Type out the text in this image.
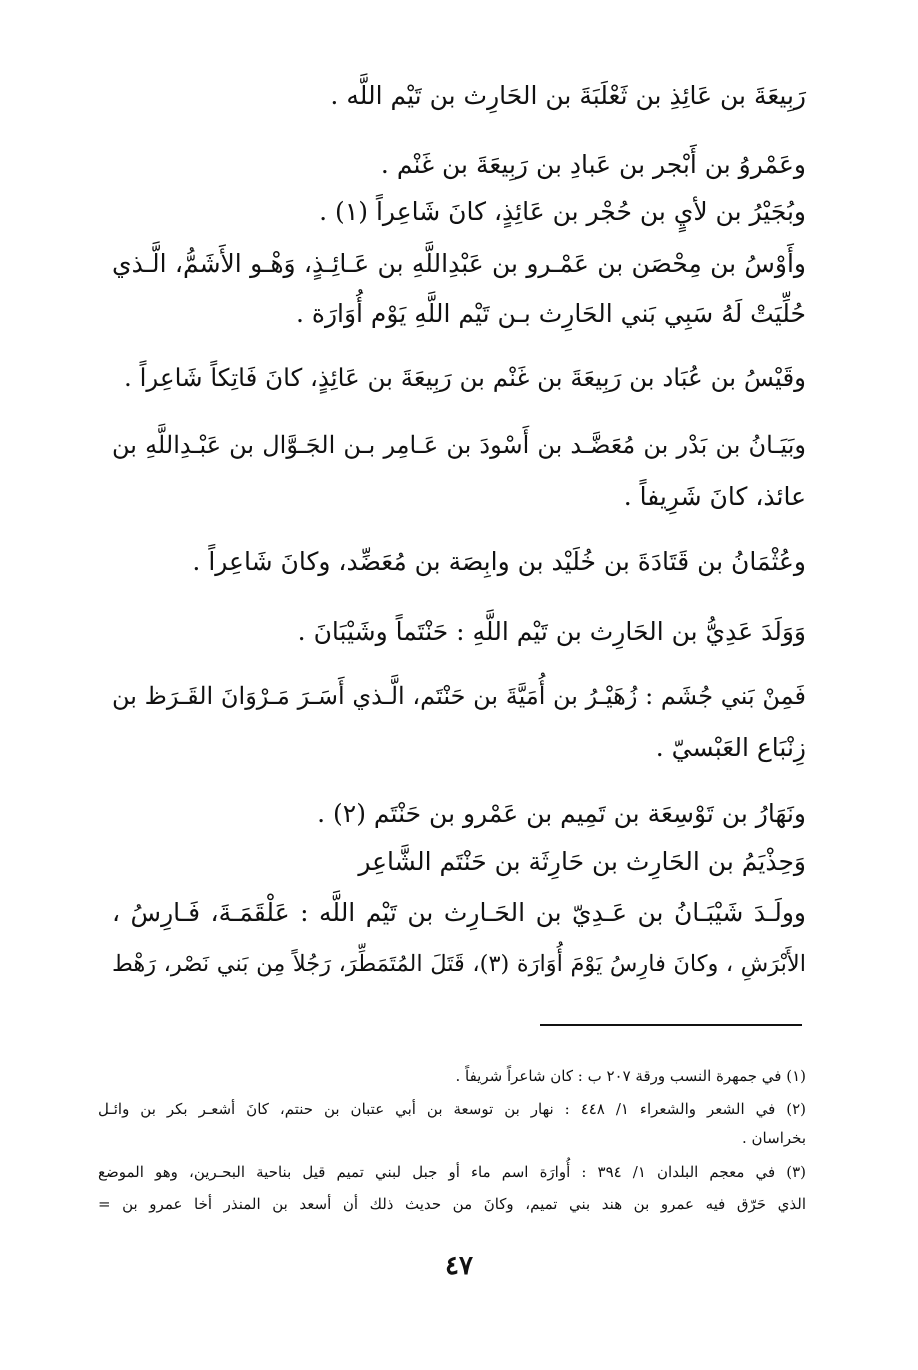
رَبِيعَةَ بن عَائِذِ بن ثَعْلَبَةَ بن الحَارِث بن تَيْم اللَّه .
وعَمْروُ بن أَبْجر بن عَبادِ بن رَبِيعَةَ بن غَنْم .
وبُجَيْرُ بن لأيٍ بن حُجْر بن عَائِذٍ، كانَ شَاعِراً (١) .
وأَوْسُ بن مِحْصَن بن عَمْـرو بن عَبْدِاللَّهِ بن عَـائِـذٍ، وَهْـو الأَشَمُّ، الَّـذي
حُلِّيَتْ لَهُ سَبِي بَني الحَارِث بـن تَيْم اللَّهِ يَوْم أُوَارَة .
وقَيْسُ بن عُبَاد بن رَبِيعَةَ بن غَنْم بن رَبِيعَةَ بن عَائِذٍ، كانَ فَاتِكاً شَاعِراً .
وبَيَـانُ بن بَدْر بن مُعَضَّـد بن أَسْودَ بن عَـامِر بـن الجَـوَّال بن عَبْـدِاللَّهِ بن
عائذ، كانَ شَرِيفاً .
وعُثْمَانُ بن قَتَادَةَ بن خُلَيْد بن وابِصَة بن مُعَضِّد، وكانَ شَاعِراً .
وَوَلَدَ عَدِيُّ بن الحَارِث بن تَيْم اللَّهِ : حَنْتَماً وشَيْبَانَ .
فَمِنْ بَني جُشَم : زُهَيْـرُ بن أُمَيَّةَ بن حَنْتَم، الَّـذي أَسَـرَ مَـرْوَانَ القَـرَظ بن
زِنْبَاع العَبْسيّ .
ونَهَارُ بن تَوْسِعَة بن تَمِيم بن عَمْرو بن حَنْتَم (٢) .
وَحِذْيَمُ بن الحَارِث بن حَارِثَة بن حَنْتَم الشَّاعِر
وولَـدَ شَيْبَـانُ بن عَـدِيّ بن الحَـارِث بن تَيْم اللَّه : عَلْقَمَـةَ، فَـارِسُ ،
الأَبْرَشِ ، وكانَ فارِسُ يَوْمَ أُوَارَة (٣)، قَتَلَ المُتَمَطِّرَ، رَجُلاً مِن بَني نَصْر، رَهْط
(١) في جمهرة النسب ورقة ٢٠٧ ب : كان شاعراً شريفاً .
(٢) في الشعر والشعراء ١/ ٤٤٨ : نهار بن توسعة بن أبي عتبان بن حنتم، كانَ أشعـر بكر بن وائـل
بخراسان .
(٣) في معجم البلدان ١/ ٣٩٤ : أُوارَة اسم ماء أو جبل لبني تميم قيل بناحية البحـرين، وهو الموضع
الذي حَرّق فيه عمرو بن هند بني تميم، وكانَ من حديث ذلك أن أسعد بن المنذر أخا عمرو بن =
٤٧
